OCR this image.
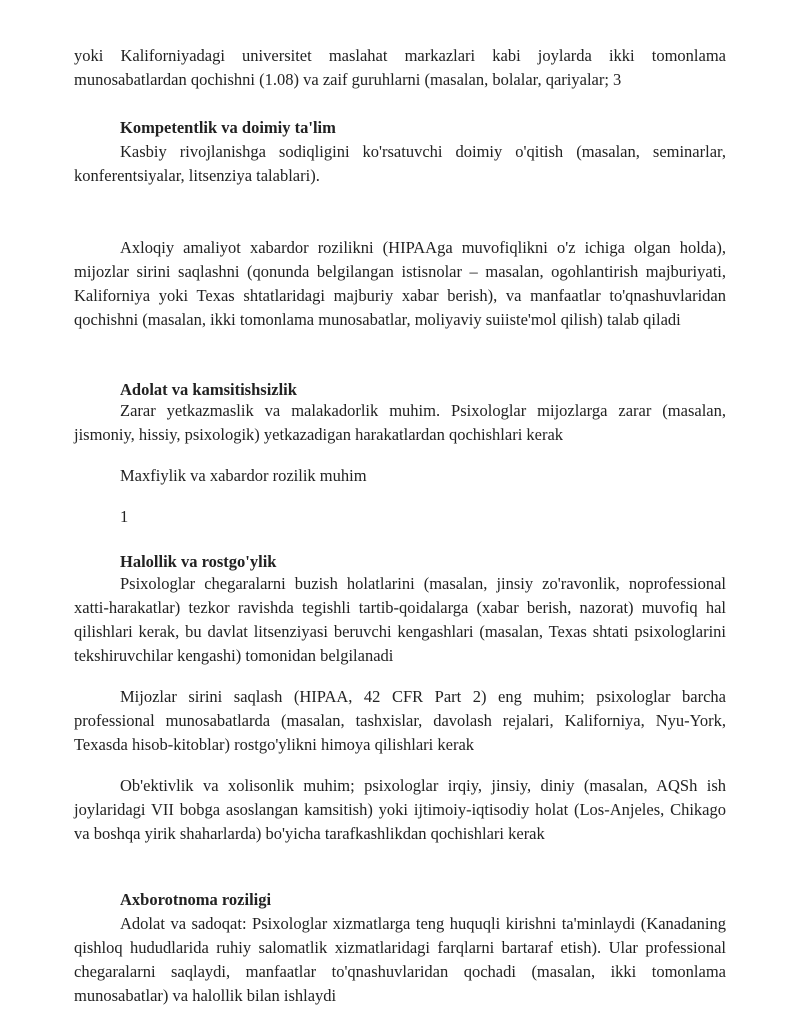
yoki Kaliforniyadagi universitet maslahat markazlari kabi joylarda ikki tomonlama munosabatlardan qochishni (1.08) va zaif guruhlarni (masalan, bolalar, qariyalar; 3

Kompetentlik va doimiy ta'lim

Kasbiy rivojlanishga sodiqligini ko'rsatuvchi doimiy o'qitish (masalan, seminarlar, konferentsiyalar, litsenziya talablari).

Axloqiy amaliyot xabardor rozilikni (HIPAAga muvofiqlikni o'z ichiga olgan holda), mijozlar sirini saqlashni (qonunda belgilangan istisnolar – masalan, ogohlantirish majburiyati, Kaliforniya yoki Texas shtatlaridagi majburiy xabar berish), va manfaatlar to'qnashuvlaridan qochishni (masalan, ikki tomonlama munosabatlar, moliyaviy suiiste'mol qilish) talab qiladi

Adolat va kamsitishsizlik

Zarar yetkazmaslik va malakadorlik muhim. Psixologlar mijozlarga zarar (masalan, jismoniy, hissiy, psixologik) yetkazadigan harakatlardan qochishlari kerak

Maxfiylik va xabardor rozilik muhim

1

Halollik va rostgo'ylik

Psixologlar chegaralarni buzish holatlarini (masalan, jinsiy zo'ravonlik, noprofessional xatti-harakatlar) tezkor ravishda tegishli tartib-qoidalarga (xabar berish, nazorat) muvofiq hal qilishlari kerak, bu davlat litsenziyasi beruvchi kengashlari (masalan, Texas shtati psixologlarini tekshiruvchilar kengashi) tomonidan belgilanadi

Mijozlar sirini saqlash (HIPAA, 42 CFR Part 2) eng muhim; psixologlar barcha professional munosabatlarda (masalan, tashxislar, davolash rejalari, Kaliforniya, Nyu-York, Texasda hisob-kitoblar) rostgo'ylikni himoya qilishlari kerak

Ob'ektivlik va xolisonlik muhim; psixologlar irqiy, jinsiy, diniy (masalan, AQSh ish joylaridagi VII bobga asoslangan kamsitish) yoki ijtimoiy-iqtisodiy holat (Los-Anjeles, Chikago va boshqa yirik shaharlarda) bo'yicha tarafkashlikdan qochishlari kerak

Axborotnoma roziligi

Adolat va sadoqat: Psixologlar xizmatlarga teng huquqli kirishni ta'minlaydi (Kanadaning qishloq hududlarida ruhiy salomatlik xizmatlaridagi farqlarni bartaraf etish). Ular professional chegaralarni saqlaydi, manfaatlar to'qnashuvlaridan qochadi (masalan, ikki tomonlama munosabatlar) va halollik bilan ishlaydi
